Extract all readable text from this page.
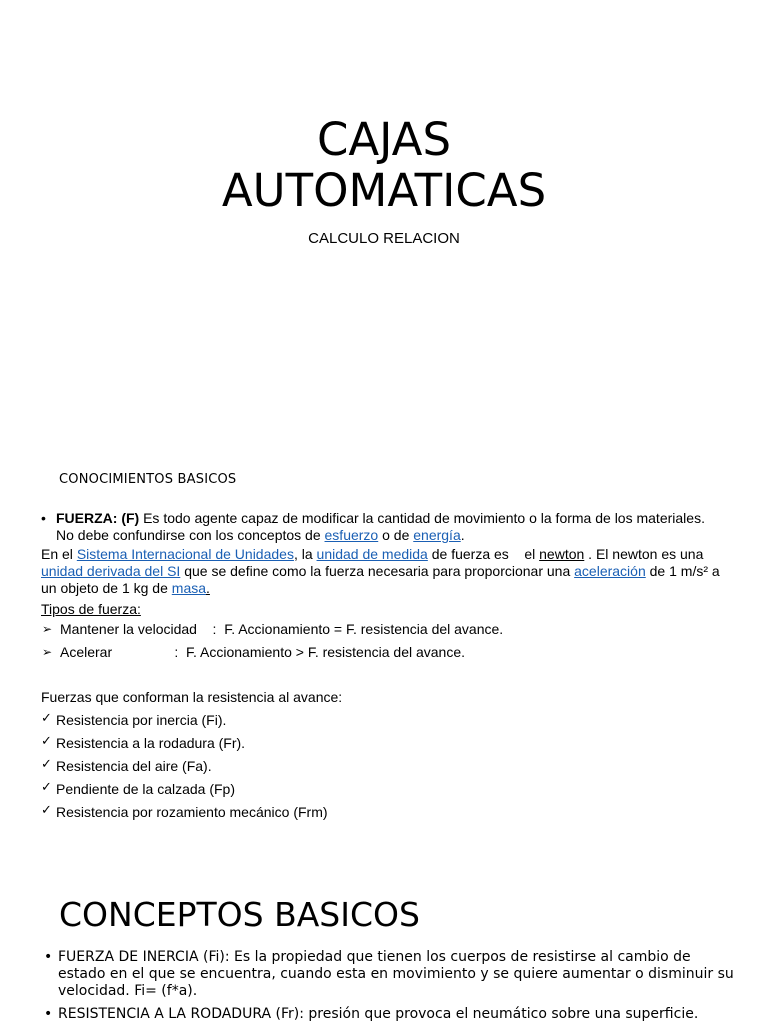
CAJAS
AUTOMATICAS
CALCULO RELACION
CONOCIMIENTOS BASICOS
• FUERZA: (F) Es todo agente capaz de modificar la cantidad de movimiento o la forma de los materiales. No debe confundirse con los conceptos de esfuerzo o de energía.

En el Sistema Internacional de Unidades, la unidad de medida de fuerza es    el newton . El newton es una unidad derivada del SI que se define como la fuerza necesaria para proporcionar una aceleración de 1 m/s² a un objeto de 1 kg de masa.

Tipos de fuerza:
➢ Mantener la velocidad    :  F. Accionamiento = F. resistencia del avance.
➢ Acelerar                :  F. Accionamiento > F. resistencia del avance.
Fuerzas que conforman la resistencia al avance:
✓ Resistencia por inercia (Fi).
✓ Resistencia a la rodadura (Fr).
✓ Resistencia del aire (Fa).
✓ Pendiente de la calzada (Fp)
✓ Resistencia por rozamiento mecánico (Frm)
CONCEPTOS BASICOS
• FUERZA DE INERCIA (Fi): Es la propiedad que tienen los cuerpos de resistirse al cambio de estado en el que se encuentra, cuando esta en movimiento y se quiere aumentar o disminuir su velocidad. Fi= (f*a).
• RESISTENCIA A LA RODADURA (Fr): presión que provoca el neumático sobre una superficie.
